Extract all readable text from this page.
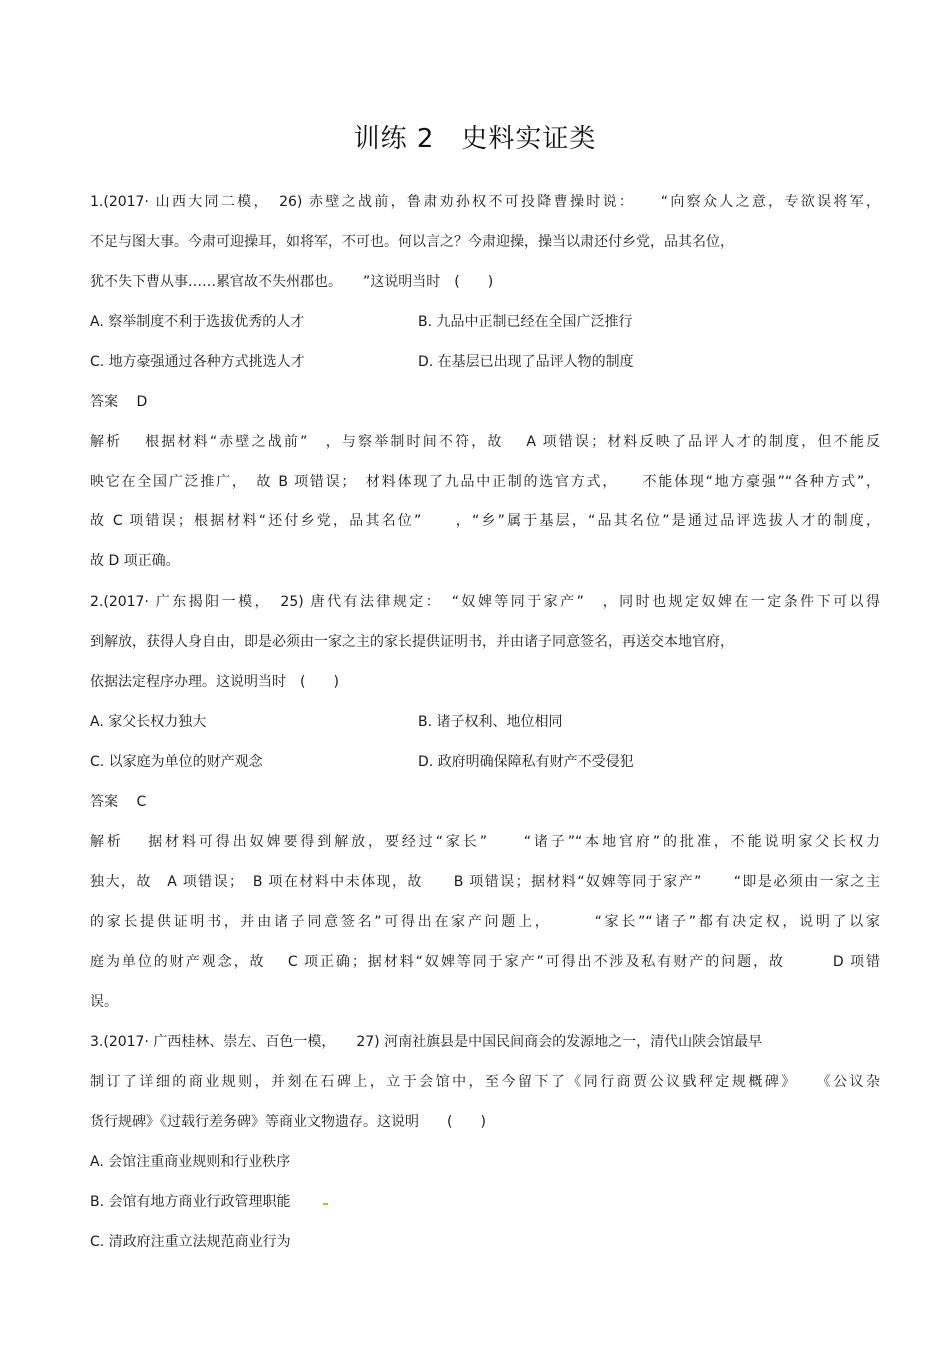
训练 2　史料实证类
1.(2017· 山西大同二模，　26) 赤壁之战前，鲁肃劝孙权不可投降曹操时说：　　“向察众人之意，专欲误将军，
不足与图大事。今肃可迎操耳，如将军，不可也。何以言之？今肃迎操，操当以肃还付乡党，品其名位，
犹不失下曹从事……累官故不失州郡也。　　”这说明当时　(　　)
A. 察举制度不利于选拔优秀的人才	B. 九品中正制已经在全国广泛推行
C. 地方豪强通过各种方式挑选人才	D. 在基层已出现了品评人物的制度
答案　 D
解析　 根据材料“赤壁之战前”　，与察举制时间不符，故　 A 项错误；材料反映了品评人才的制度，但不能反
映它在全国广泛推广，　故 B 项错误；　材料体现了九品中正制的选官方式，　　不能体现“地方豪强”“各种方式”，
故 C 项错误；根据材料“还付乡党，品其名位”　　，“乡”属于基层，“品其名位”是通过品评选拔人才的制度，
故 D 项正确。
2.(2017· 广东揭阳一模，　25) 唐代有法律规定：　“奴婢等同于家产”　，同时也规定奴婢在一定条件下可以得
到解放，获得人身自由，即是必须由一家之主的家长提供证明书，并由诸子同意签名，再送交本地官府，
依据法定程序办理。这说明当时　(　　)
A. 家父长权力独大	B. 诸子权利、地位相同
C. 以家庭为单位的财产观念	D. 政府明确保障私有财产不受侵犯
答案　 C
解析　 据材料可得出奴婢要得到解放，要经过“家长”　　“诸子”“本地官府”的批准，不能说明家父长权力
独大，故　A 项错误；　B 项在材料中未体现，故　　B 项错误；据材料“奴婢等同于家产”　　“即是必须由一家之主
的家长提供证明书，并由诸子同意签名”可得出在家产问题上，　　　“家长”“诸子”都有决定权，说明了以家
庭为单位的财产观念，故　 C 项正确；据材料“奴婢等同于家产”可得出不涉及私有财产的问题，故　　　D 项错
误。
3.(2017· 广西桂林、崇左、百色一模，　　27) 河南社旗县是中国民间商会的发源地之一，清代山陕会馆最早
制订了详细的商业规则，并刻在石碑上，立于会馆中，至今留下了《同行商贾公议戥秤定规概碑》　　《公议杂
货行规碑》《过载行差务碑》等商业文物遗存。这说明　　(　　)
A. 会馆注重商业规则和行业秩序
B. 会馆有地方商业行政管理职能
C. 清政府注重立法规范商业行为
